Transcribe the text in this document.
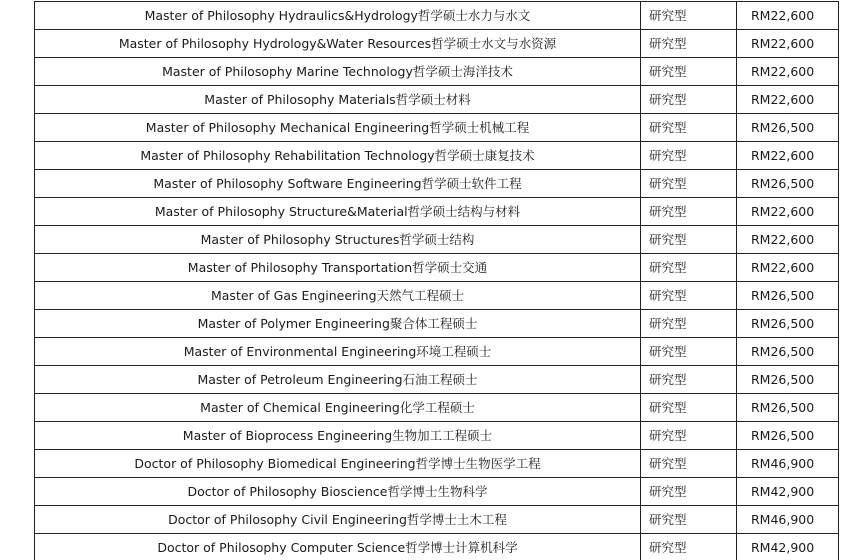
Master of Philosophy Hydraulics&Hydrology哲学硕士水力与水文	研究型	RM22,600
Master of Philosophy Hydrology&Water Resources哲学硕士水文与水资源	研究型	RM22,600
Master of Philosophy Marine Technology哲学硕士海洋技术	研究型	RM22,600
Master of Philosophy Materials哲学硕士材料	研究型	RM22,600
Master of Philosophy Mechanical Engineering哲学硕士机械工程	研究型	RM26,500
Master of Philosophy Rehabilitation Technology哲学硕士康复技术	研究型	RM22,600
Master of Philosophy Software Engineering哲学硕士软件工程	研究型	RM26,500
Master of Philosophy Structure&Material哲学硕士结构与材料	研究型	RM22,600
Master of Philosophy Structures哲学硕士结构	研究型	RM22,600
Master of Philosophy Transportation哲学硕士交通	研究型	RM22,600
Master of Gas Engineering天然气工程硕士	研究型	RM26,500
Master of Polymer Engineering聚合体工程硕士	研究型	RM26,500
Master of Environmental Engineering环境工程硕士	研究型	RM26,500
Master of Petroleum Engineering石油工程硕士	研究型	RM26,500
Master of Chemical Engineering化学工程硕士	研究型	RM26,500
Master of Bioprocess Engineering生物加工工程硕士	研究型	RM26,500
Doctor of Philosophy Biomedical Engineering哲学博士生物医学工程	研究型	RM46,900
Doctor of Philosophy Bioscience哲学博士生物科学	研究型	RM42,900
Doctor of Philosophy Civil Engineering哲学博士土木工程	研究型	RM46,900
Doctor of Philosophy Computer Science哲学博士计算机科学	研究型	RM42,900
